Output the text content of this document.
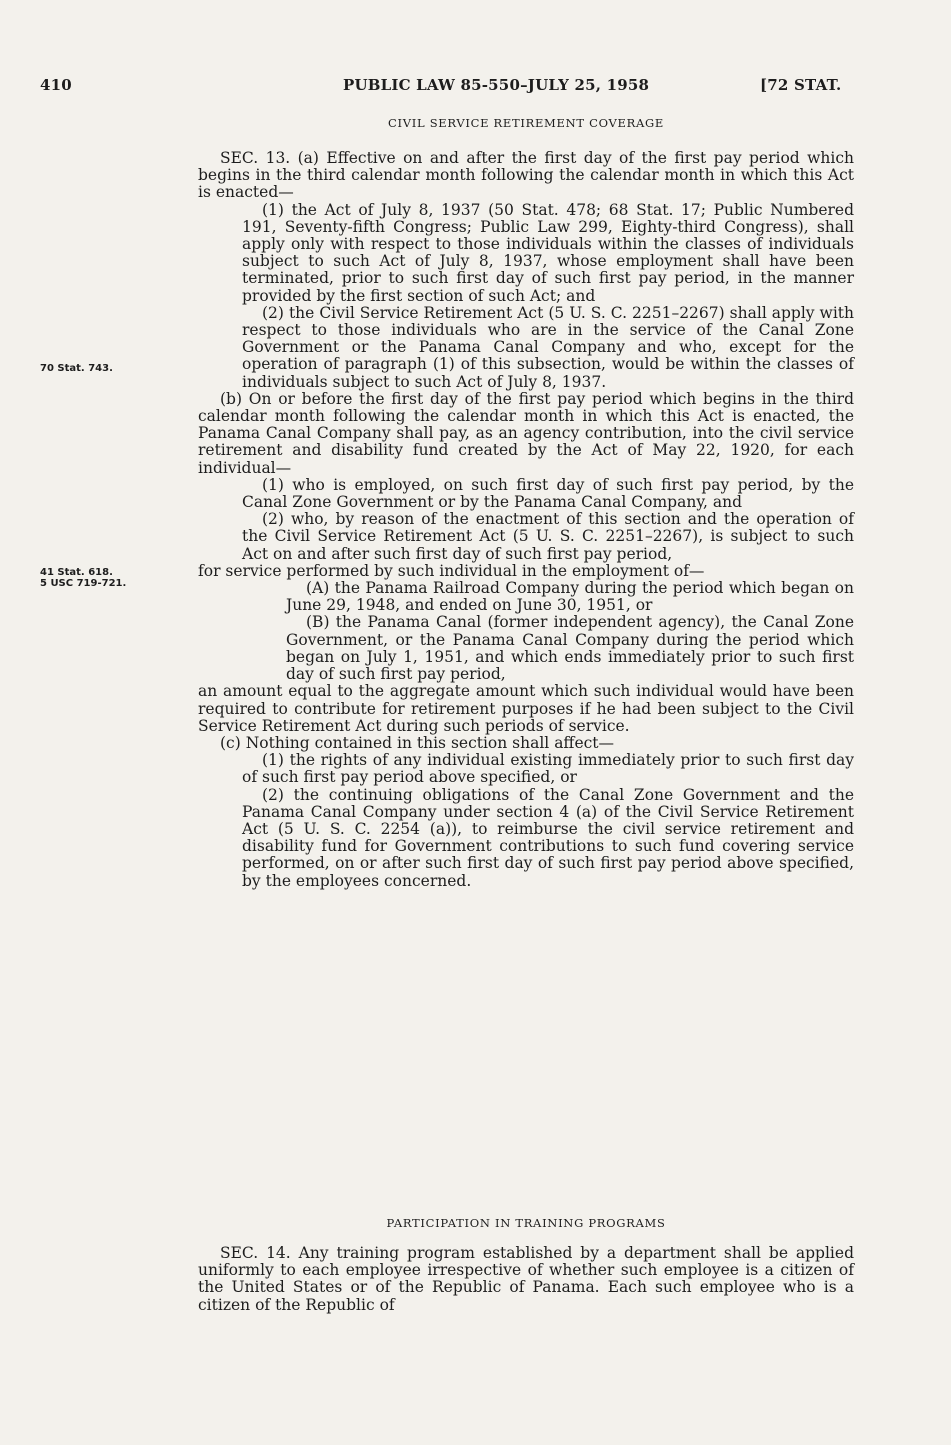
410	PUBLIC LAW 85-550–JULY 25, 1958	[72 STAT.
CIVIL SERVICE RETIREMENT COVERAGE

SEC. 13. (a) Effective on and after the first day of the first pay period which begins in the third calendar month following the calendar month in which this Act is enacted—

(1) the Act of July 8, 1937 (50 Stat. 478; 68 Stat. 17; Public Numbered 191, Seventy-fifth Congress; Public Law 299, Eighty-third Congress), shall apply only with respect to those individuals within the classes of individuals subject to such Act of July 8, 1937, whose employment shall have been terminated, prior to such first day of such first pay period, in the manner provided by the first section of such Act; and

(2) the Civil Service Retirement Act (5 U. S. C. 2251–2267) shall apply with respect to those individuals who are in the service of the Canal Zone Government or the Panama Canal Company and who, except for the operation of paragraph (1) of this subsection, would be within the classes of individuals subject to such Act of July 8, 1937.

(b) On or before the first day of the first pay period which begins in the third calendar month following the calendar month in which this Act is enacted, the Panama Canal Company shall pay, as an agency contribution, into the civil service retirement and disability fund created by the Act of May 22, 1920, for each individual—

(1) who is employed, on such first day of such first pay period, by the Canal Zone Government or by the Panama Canal Company, and

(2) who, by reason of the enactment of this section and the operation of the Civil Service Retirement Act (5 U. S. C. 2251–2267), is subject to such Act on and after such first day of such first pay period,

for service performed by such individual in the employment of—

(A) the Panama Railroad Company during the period which began on June 29, 1948, and ended on June 30, 1951, or

(B) the Panama Canal (former independent agency), the Canal Zone Government, or the Panama Canal Company during the period which began on July 1, 1951, and which ends immediately prior to such first day of such first pay period,

an amount equal to the aggregate amount which such individual would have been required to contribute for retirement purposes if he had been subject to the Civil Service Retirement Act during such periods of service.

(c) Nothing contained in this section shall affect—

(1) the rights of any individual existing immediately prior to such first day of such first pay period above specified, or

(2) the continuing obligations of the Canal Zone Government and the Panama Canal Company under section 4 (a) of the Civil Service Retirement Act (5 U. S. C. 2254 (a)), to reimburse the civil service retirement and disability fund for Government contributions to such fund covering service performed, on or after such first day of such first pay period above specified, by the employees concerned.

PARTICIPATION IN TRAINING PROGRAMS

SEC. 14. Any training program established by a department shall be applied uniformly to each employee irrespective of whether such employee is a citizen of the United States or of the Republic of Panama. Each such employee who is a citizen of the Republic of

70 Stat. 743.
41 Stat. 618.
5 USC 719-721.
